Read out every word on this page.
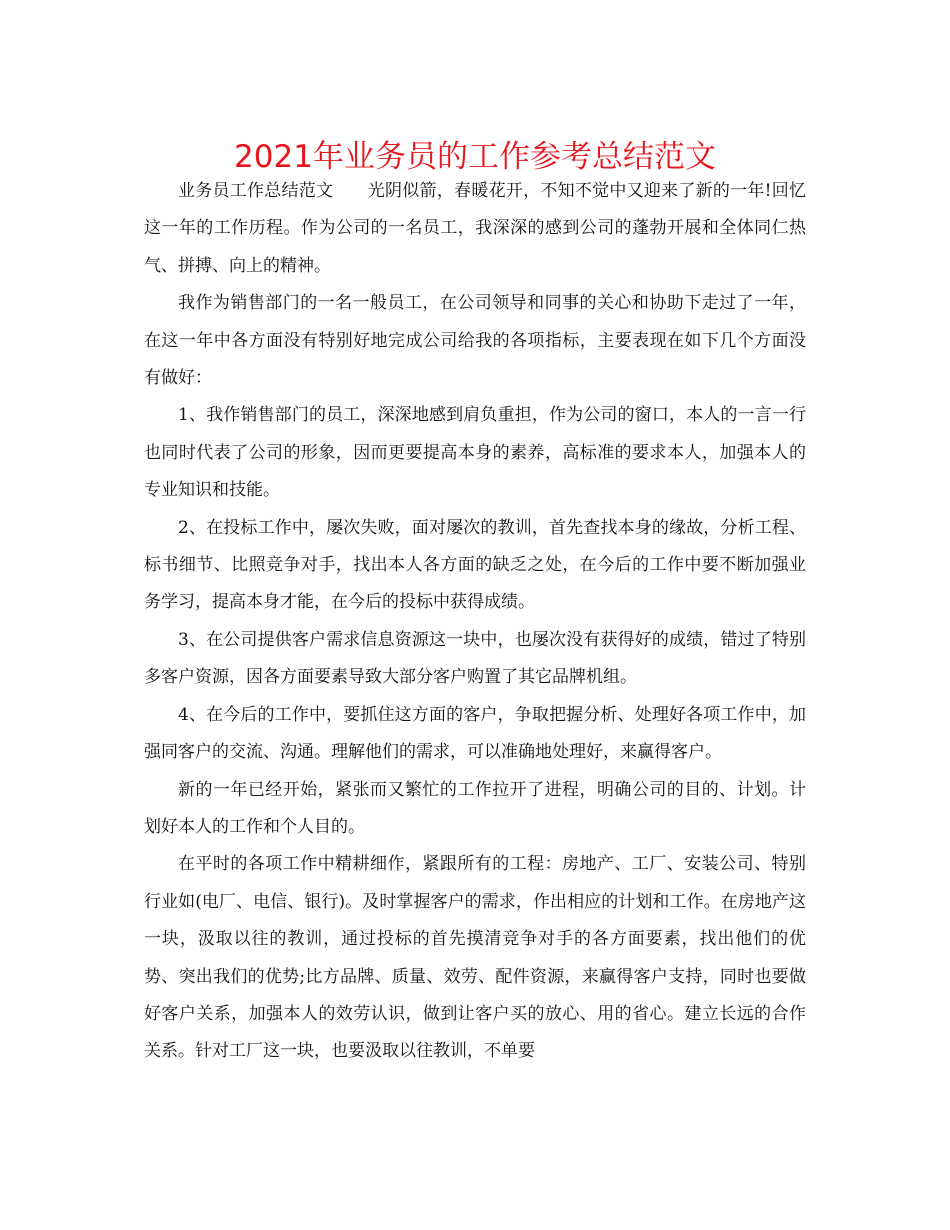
2021年业务员的工作参考总结范文

业务员工作总结范文　　光阴似箭，春暖花开，不知不觉中又迎来了新的一年!回忆这一年的工作历程。作为公司的一名员工，我深深的感到公司的蓬勃开展和全体同仁热气、拼搏、向上的精神。

我作为销售部门的一名一般员工，在公司领导和同事的关心和协助下走过了一年，在这一年中各方面没有特别好地完成公司给我的各项指标，主要表现在如下几个方面没有做好：

1、我作销售部门的员工，深深地感到肩负重担，作为公司的窗口，本人的一言一行也同时代表了公司的形象，因而更要提高本身的素养，高标准的要求本人，加强本人的专业知识和技能。

2、在投标工作中，屡次失败，面对屡次的教训，首先查找本身的缘故，分析工程、标书细节、比照竞争对手，找出本人各方面的缺乏之处，在今后的工作中要不断加强业务学习，提高本身才能，在今后的投标中获得成绩。

3、在公司提供客户需求信息资源这一块中，也屡次没有获得好的成绩，错过了特别多客户资源，因各方面要素导致大部分客户购置了其它品牌机组。

4、在今后的工作中，要抓住这方面的客户，争取把握分析、处理好各项工作中，加强同客户的交流、沟通。理解他们的需求，可以准确地处理好，来赢得客户。

新的一年已经开始，紧张而又繁忙的工作拉开了进程，明确公司的目的、计划。计划好本人的工作和个人目的。

在平时的各项工作中精耕细作，紧跟所有的工程：房地产、工厂、安装公司、特别行业如(电厂、电信、银行)。及时掌握客户的需求，作出相应的计划和工作。在房地产这一块，汲取以往的教训，通过投标的首先摸清竞争对手的各方面要素，找出他们的优势、突出我们的优势;比方品牌、质量、效劳、配件资源，来赢得客户支持，同时也要做好客户关系，加强本人的效劳认识，做到让客户买的放心、用的省心。建立长远的合作关系。针对工厂这一块，也要汲取以往教训，不单要
